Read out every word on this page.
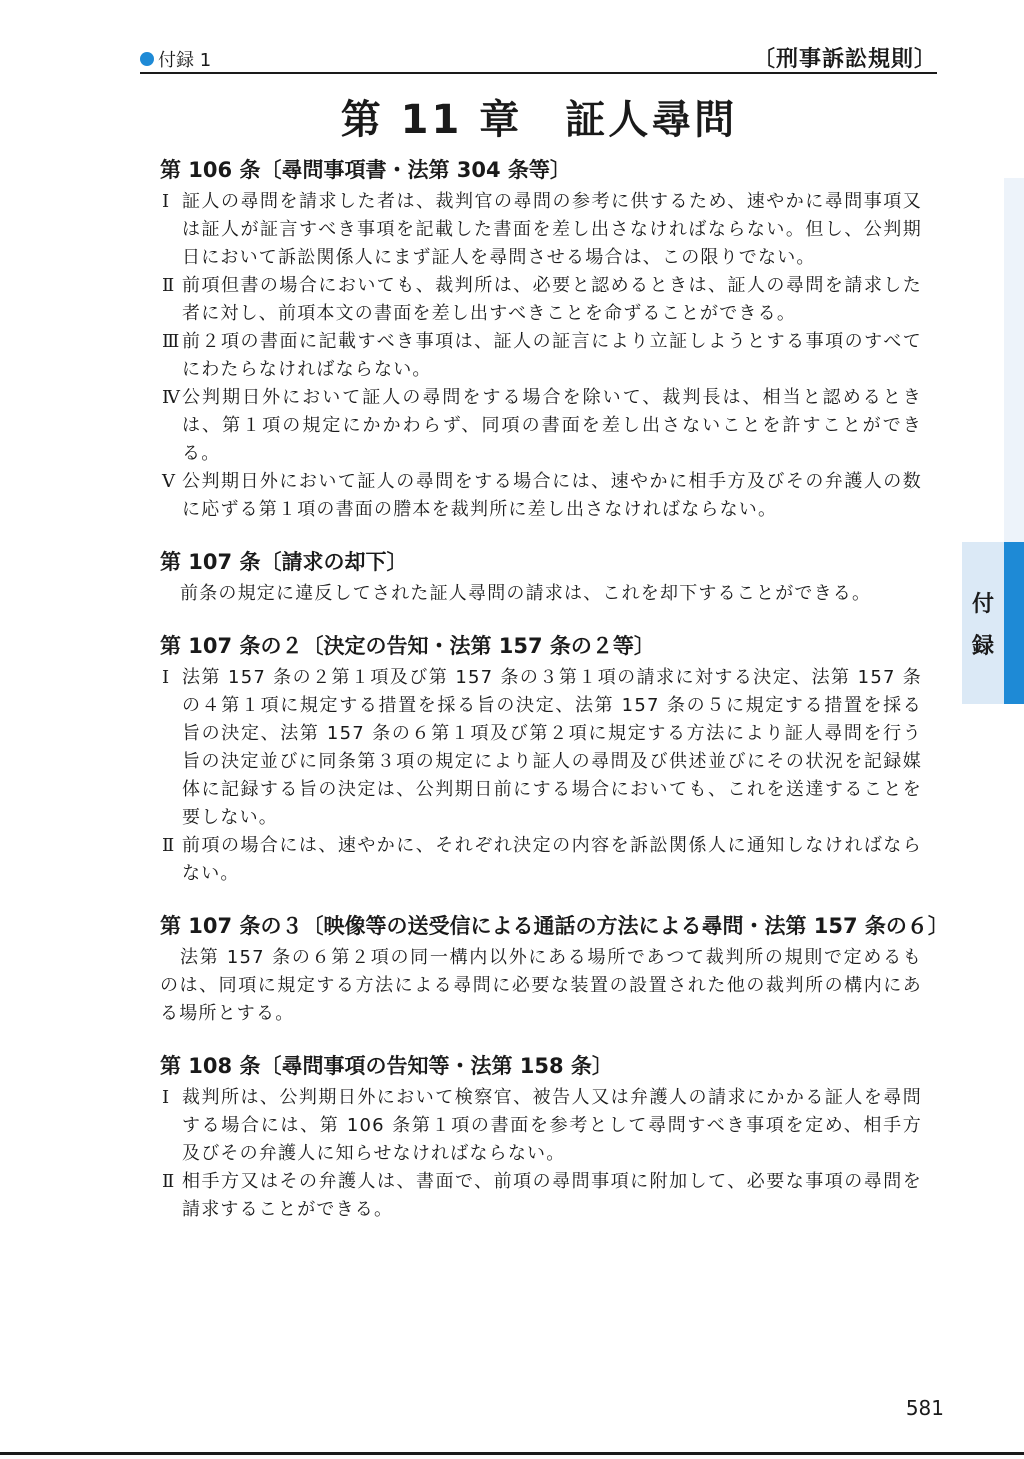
付録 1	〔刑事訴訟規則〕
第 11 章　証人尋問
第 106 条〔尋問事項書・法第 304 条等〕
Ⅰ 証人の尋問を請求した者は、裁判官の尋問の参考に供するため、速やかに尋問事項又は証人が証言すべき事項を記載した書面を差し出さなければならない。但し、公判期日において訴訟関係人にまず証人を尋問させる場合は、この限りでない。
Ⅱ 前項但書の場合においても、裁判所は、必要と認めるときは、証人の尋問を請求した者に対し、前項本文の書面を差し出すべきことを命ずることができる。
Ⅲ 前２項の書面に記載すべき事項は、証人の証言により立証しようとする事項のすべてにわたらなければならない。
Ⅳ 公判期日外において証人の尋問をする場合を除いて、裁判長は、相当と認めるときは、第１項の規定にかかわらず、同項の書面を差し出さないことを許すことができる。
Ⅴ 公判期日外において証人の尋問をする場合には、速やかに相手方及びその弁護人の数に応ずる第１項の書面の謄本を裁判所に差し出さなければならない。
第 107 条〔請求の却下〕
前条の規定に違反してされた証人尋問の請求は、これを却下することができる。
第 107 条の２〔決定の告知・法第 157 条の２等〕
Ⅰ 法第 157 条の２第１項及び第 157 条の３第１項の請求に対する決定、法第 157 条の４第１項に規定する措置を採る旨の決定、法第 157 条の５に規定する措置を採る旨の決定、法第 157 条の６第１項及び第２項に規定する方法により証人尋問を行う旨の決定並びに同条第３項の規定により証人の尋問及び供述並びにその状況を記録媒体に記録する旨の決定は、公判期日前にする場合においても、これを送達することを要しない。
Ⅱ 前項の場合には、速やかに、それぞれ決定の内容を訴訟関係人に通知しなければならない。
第 107 条の３〔映像等の送受信による通話の方法による尋問・法第 157 条の６〕
法第 157 条の６第２項の同一構内以外にある場所であつて裁判所の規則で定めるものは、同項に規定する方法による尋問に必要な装置の設置された他の裁判所の構内にある場所とする。
第 108 条〔尋問事項の告知等・法第 158 条〕
Ⅰ 裁判所は、公判期日外において検察官、被告人又は弁護人の請求にかかる証人を尋問する場合には、第 106 条第１項の書面を参考として尋問すべき事項を定め、相手方及びその弁護人に知らせなければならない。
Ⅱ 相手方又はその弁護人は、書面で、前項の尋問事項に附加して、必要な事項の尋問を請求することができる。
付
録
581
